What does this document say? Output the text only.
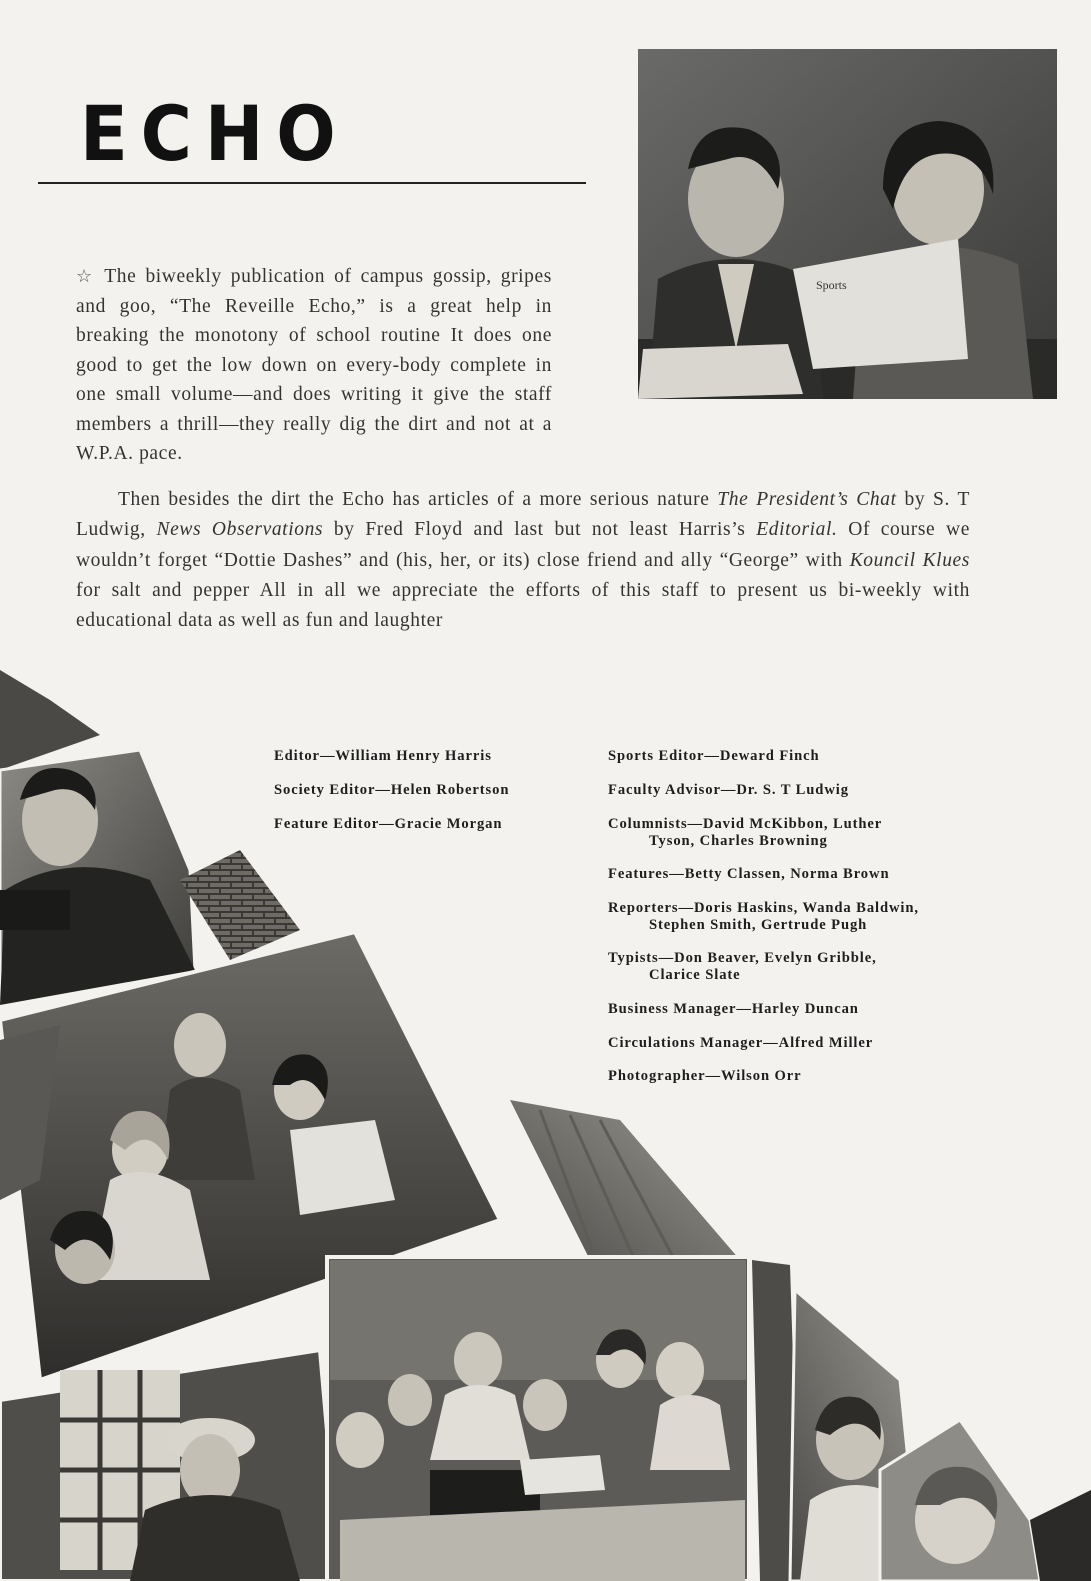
ECHO
Sports

☆ The biweekly publication of campus gossip, gripes and goo, “The Reveille Echo,” is a great help in breaking the monotony of school routine It does one good to get the low down on every-body complete in one small volume—and does writing it give the staff members a thrill—they really dig the dirt and not at a W.P.A. pace.

Then besides the dirt the Echo has articles of a more serious nature The President’s Chat by S. T Ludwig, News Observations by Fred Floyd and last but not least Harris’s Editorial. Of course we wouldn’t forget “Dottie Dashes” and (his, her, or its) close friend and ally “George” with Kouncil Klues for salt and pepper All in all we appreciate the efforts of this staff to present us bi-weekly with educational data as well as fun and laughter

Editor—William Henry Harris

Society Editor—Helen Robertson

Feature Editor—Gracie Morgan

Sports Editor—Deward Finch
Faculty Advisor—Dr. S. T Ludwig
Columnists—David McKibbon, Luther
Tyson, Charles Browning
Features—Betty Classen, Norma Brown
Reporters—Doris Haskins, Wanda Baldwin,
Stephen Smith, Gertrude Pugh
Typists—Don Beaver, Evelyn Gribble,
Clarice Slate
Business Manager—Harley Duncan
Circulations Manager—Alfred Miller
Photographer—Wilson Orr
